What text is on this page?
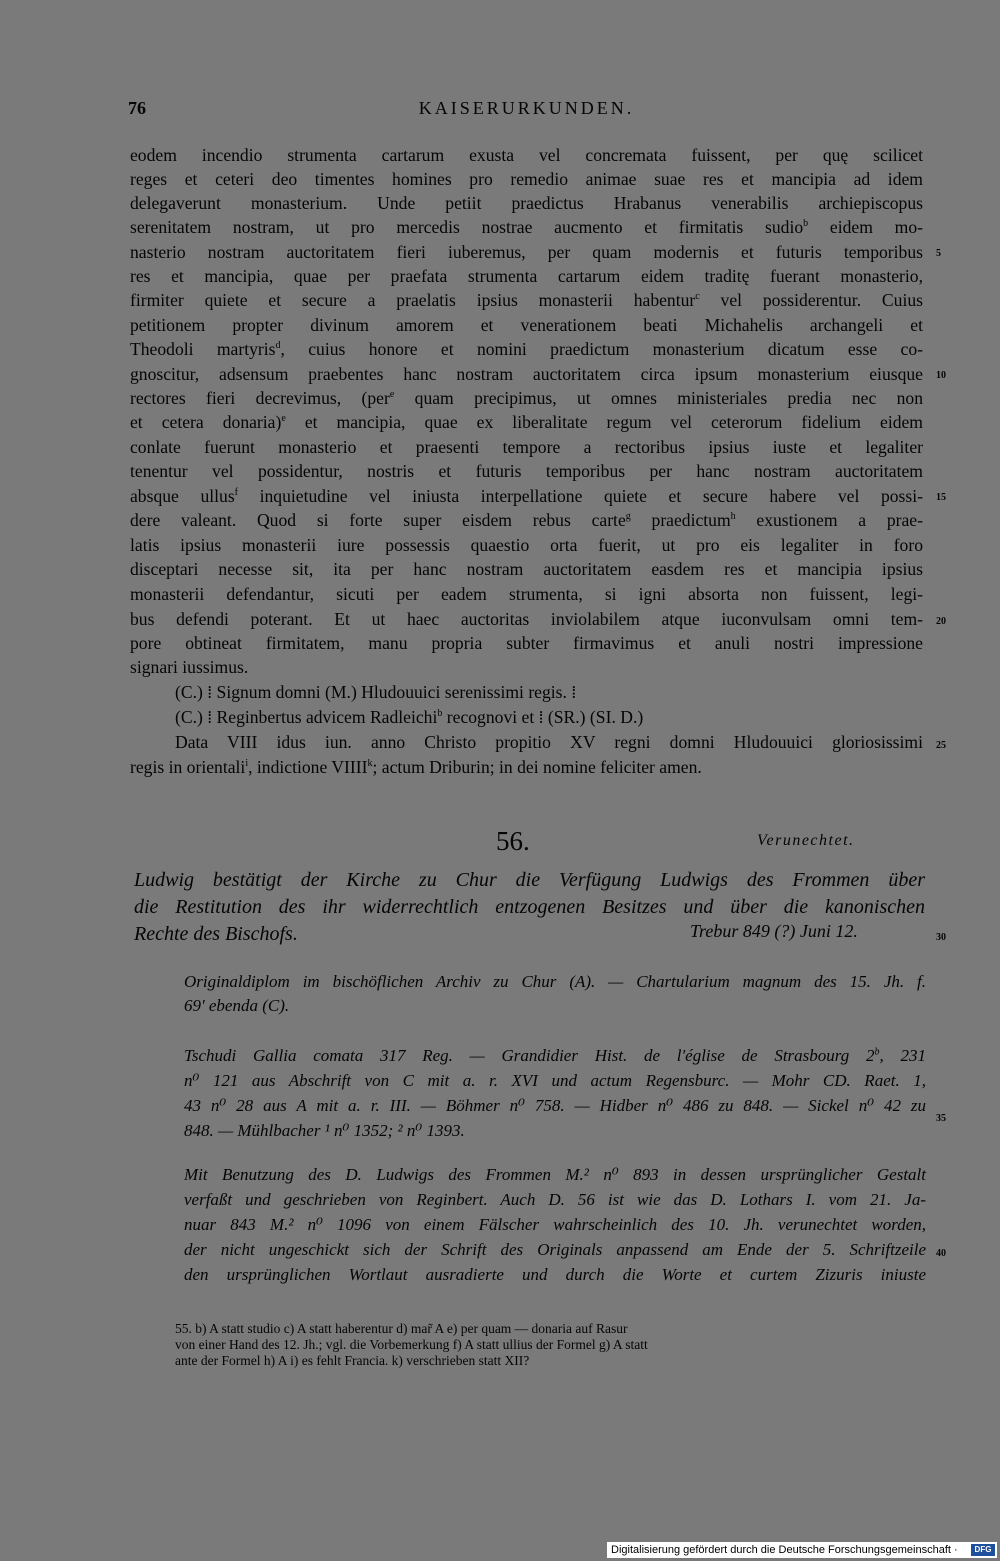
76	KAISERURKUNDEN.
eodem incendio strumenta cartarum exusta vel concremata fuissent, per quę scilicet
reges et ceteri deo timentes homines pro remedio animae suae res et mancipia ad idem
delegaverunt monasterium. Unde petiit praedictus Hrabanus venerabilis archiepiscopus
serenitatem nostram, ut pro mercedis nostrae aucmento et firmitatis sudio$^b$ eidem mo-
nasterio nostram auctoritatem fieri iuberemus, per quam modernis et futuris temporibus
res et mancipia, quae per praefata strumenta cartarum eidem traditę fuerant monasterio,
firmiter quiete et secure a praelatis ipsius monasterii habentur$^c$ vel possiderentur. Cuius
petitionem propter divinum amorem et venerationem beati Michahelis archangeli et
Theodoli martyris$^d$, cuius honore et nomini praedictum monasterium dicatum esse co-
gnoscitur, adsensum praebentes hanc nostram auctoritatem circa ipsum monasterium eiusque
rectores fieri decrevimus, (per$^e$ quam precipimus, ut omnes ministeriales predia nec non
et cetera donaria)$^e$ et mancipia, quae ex liberalitate regum vel ceterorum fidelium eidem
conlate fuerunt monasterio et praesenti tempore a rectoribus ipsius iuste et legaliter
tenentur vel possidentur, nostris et futuris temporibus per hanc nostram auctoritatem
absque ullus$^f$ inquietudine vel iniusta interpellatione quiete et secure habere vel possi-
dere valeant. Quod si forte super eisdem rebus carte$^g$ praedictum$^h$ exustionem a prae-
latis ipsius monasterii iure possessis quaestio orta fuerit, ut pro eis legaliter in foro
disceptari necesse sit, ita per hanc nostram auctoritatem easdem res et mancipia ipsius
monasterii defendantur, sicuti per eadem strumenta, si igni absorta non fuissent, legi-
bus defendi poterant. Et ut haec auctoritas inviolabilem atque iuconvulsam omni tem-
pore obtineat firmitatem, manu propria subter firmavimus et anuli nostri impressione
signari iussimus.
(C.) ⁞ Signum domni (M.) Hludouuici serenissimi regis. ⁞
(C.) ⁞ Reginbertus advicem Radleichi$^b$ recognovi et ⁞ (SR.) (SI. D.)
Data VIII idus iun. anno Christo propitio XV regni domni Hludouuici gloriosissimi
regis in orientali$^i$, indictione VIIII$^k$; actum Driburin; in dei nomine feliciter amen.
5
10
15
20
25
30
35
40
56.	Verunechtet.
Ludwig bestätigt der Kirche zu Chur die Verfügung Ludwigs des Frommen über
die Restitution des ihr widerrechtlich entzogenen Besitzes und über die kanonischen
Rechte des Bischofs.	Trebur 849 (?) Juni 12.
Originaldiplom im bischöflichen Archiv zu Chur (A). — Chartularium magnum des 15. Jh. f.
69' ebenda (C).
Tschudi Gallia comata 317 Reg. — Grandidier Hist. de l'église de Strasbourg 2$^b$, 231
n⁰ 121 aus Abschrift von C mit a. r. XVI und actum Regensburc. — Mohr CD. Raet. 1,
43 n⁰ 28 aus A mit a. r. III. — Böhmer n⁰ 758. — Hidber n⁰ 486 zu 848. — Sickel n⁰ 42 zu
848. — Mühlbacher ¹ n⁰ 1352; ² n⁰ 1393.
Mit Benutzung des D. Ludwigs des Frommen M.² n⁰ 893 in dessen ursprünglicher Gestalt
verfaßt und geschrieben von Reginbert. Auch D. 56 ist wie das D. Lothars I. vom 21. Ja-
nuar 843 M.² n⁰ 1096 von einem Fälscher wahrscheinlich des 10. Jh. verunechtet worden,
der nicht ungeschickt sich der Schrift des Originals anpassend am Ende der 5. Schriftzeile
den ursprünglichen Wortlaut ausradierte und durch die Worte et curtem Zizuris iniuste
55. b) A statt studio c) A statt haberentur d) mar̃ A e) per quam — donaria auf Rasur
von einer Hand des 12. Jh.; vgl. die Vorbemerkung f) A statt ullius der Formel g) A statt
ante der Formel h) A i) es fehlt Francia. k) verschrieben statt XII?
Digitalisierung gefördert durch die Deutsche Forschungsgemeinschaft ·	DFG
